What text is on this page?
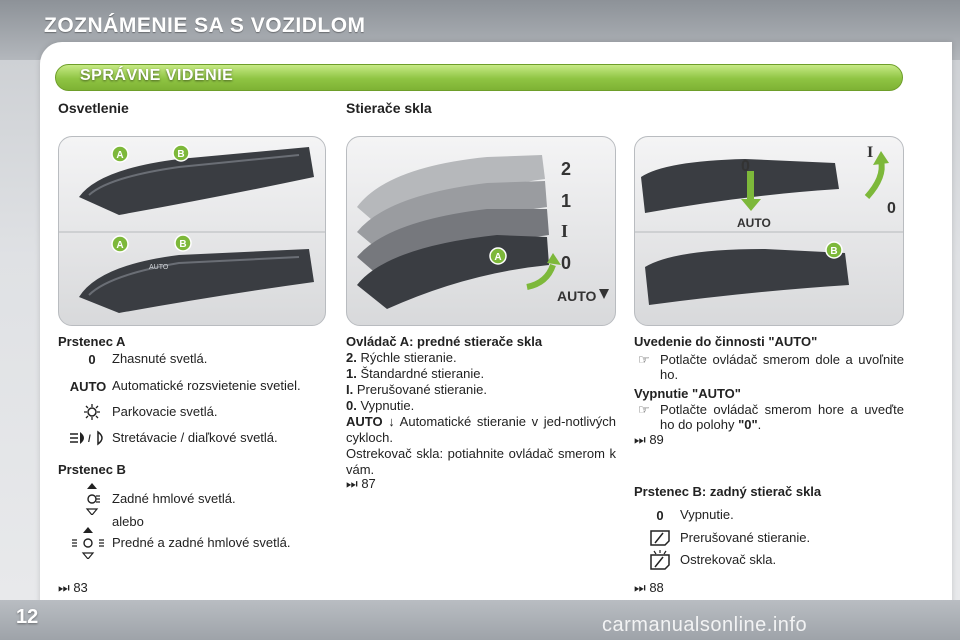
ZOZNÁMENIE SA S VOZIDLOM
SPRÁVNE VIDENIE
Osvetlenie	Stierače skla
A	B
AUTO
A	B
A
2
1
I
0
AUTO
0
AUTO
I
0
B
Prstenec A
0	Zhasnuté svetlá.
AUTO Automatické rozsvietenie svetiel.
Parkovacie svetlá.
/ Stretávacie / diaľkové svetlá.
Prstenec B
Zadné hmlové svetlá.
alebo
Predné a zadné hmlové svetlá.
⏭ 83
Ovládač A: predné stierače skla
2. Rýchle stieranie.
1. Štandardné stieranie.
I. Prerušované stieranie.
0. Vypnutie.
AUTO ↓ Automatické stieranie v jed-notlivých cykloch.
Ostrekovač skla: potiahnite ovládač smerom k vám.
⏭ 87
Uvedenie do činnosti "AUTO"
☞ Potlačte ovládač smerom dole a uvoľnite ho.
Vypnutie "AUTO"
☞ Potlačte ovládač smerom hore a uveďte ho do polohy "0".
⏭ 89
Prstenec B: zadný stierač skla
0	Vypnutie.
Prerušované stieranie.
Ostrekovač skla.
⏭ 88
12	carmanualsonline.info
